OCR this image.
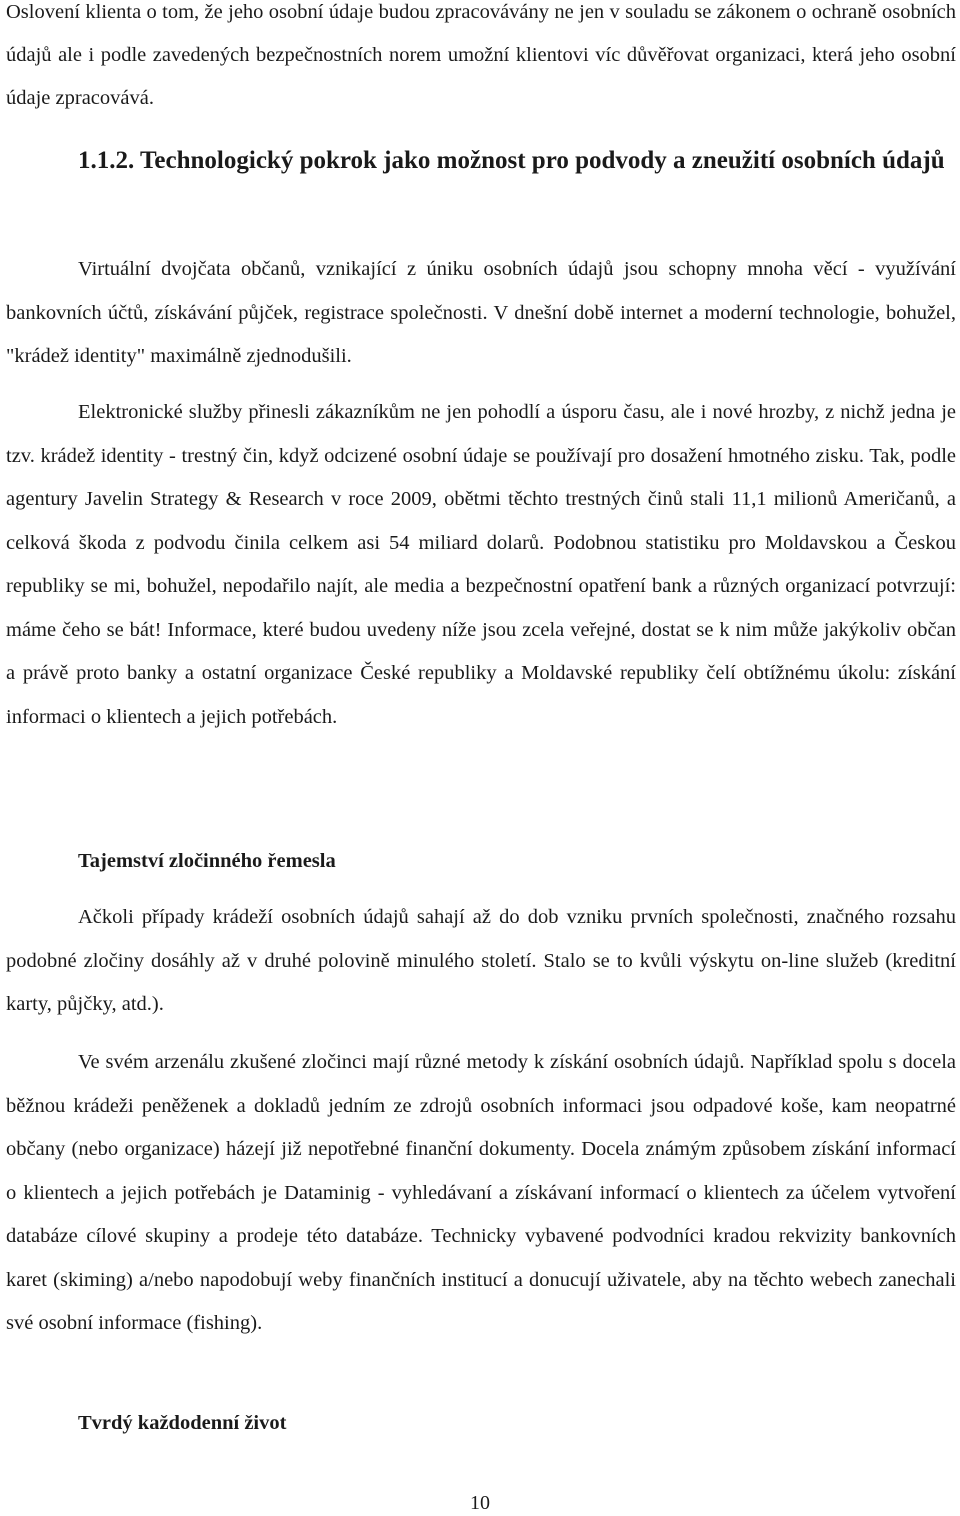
Oslovení klienta o tom, že jeho osobní údaje budou zpracovávány ne jen v souladu se zákonem o ochraně osobních údajů ale i podle zavedených bezpečnostních norem umožní klientovi víc důvěřovat organizaci, která jeho osobní údaje zpracovává.

1.1.2. Technologický pokrok jako možnost pro podvody a zneužití osobních údajů

Virtuální dvojčata občanů, vznikající z úniku osobních údajů jsou schopny mnoha věcí - využívání bankovních účtů, získávání půjček, registrace společnosti. V dnešní době internet a moderní technologie, bohužel, "krádež identity" maximálně zjednodušili.

Elektronické služby přinesli zákazníkům ne jen pohodlí a úsporu času, ale i nové hrozby, z nichž jedna je tzv. krádež identity - trestný čin, když odcizené osobní údaje se používají pro dosažení hmotného zisku. Tak, podle agentury Javelin Strategy & Research v roce 2009, obětmi těchto trestných činů stali 11,1 milionů Američanů, a celková škoda z podvodu činila celkem asi 54 miliard dolarů. Podobnou statistiku pro Moldavskou a Českou republiky se mi, bohužel, nepodařilo najít, ale media a bezpečnostní opatření bank a různých organizací potvrzují: máme čeho se bát! Informace, které budou uvedeny níže jsou zcela veřejné, dostat se k nim může jakýkoliv občan a právě proto banky a ostatní organizace České republiky a Moldavské republiky čelí obtížnému úkolu: získání informaci o klientech a jejich potřebách.

Tajemství zločinného řemesla

Ačkoli případy krádeží osobních údajů sahají až do dob vzniku prvních společnosti, značného rozsahu podobné zločiny dosáhly až v druhé polovině minulého století. Stalo se to kvůli výskytu on-line služeb (kreditní karty, půjčky, atd.).

Ve svém arzenálu zkušené zločinci mají různé metody k získání osobních údajů. Například spolu s docela běžnou krádeži peněženek a dokladů jedním ze zdrojů osobních informaci jsou odpadové koše, kam neopatrné občany (nebo organizace) házejí již nepotřebné finanční dokumenty. Docela známým způsobem získání informací o klientech a jejich potřebách je Dataminig - vyhledávaní a získávaní informací o klientech za účelem vytvoření databáze cílové skupiny a prodeje této databáze. Technicky vybavené podvodníci kradou rekvizity bankovních karet (skiming) a/nebo napodobují weby finančních institucí a donucují uživatele, aby na těchto webech zanechali své osobní informace (fishing).

Tvrdý každodenní život
10
